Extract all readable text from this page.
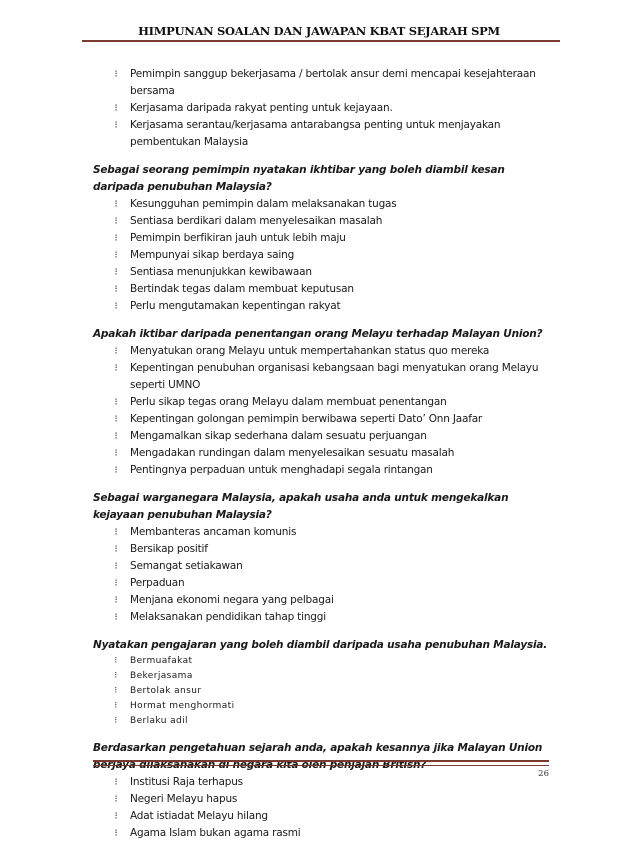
HIMPUNAN SOALAN DAN JAWAPAN KBAT SEJARAH SPM
⁝	Pemimpin sanggup bekerjasama / bertolak ansur demi mencapai kesejahteraan bersama
⁝	Kerjasama daripada rakyat penting untuk kejayaan.
⁝	Kerjasama serantau/kerjasama antarabangsa penting untuk menjayakan pembentukan Malaysia

Sebagai seorang pemimpin nyatakan ikhtibar yang boleh diambil kesan daripada penubuhan Malaysia?

⁝	Kesungguhan pemimpin dalam melaksanakan tugas
⁝	Sentiasa berdikari dalam menyelesaikan masalah
⁝	Pemimpin berfikiran jauh untuk lebih maju
⁝	Mempunyai sikap berdaya saing
⁝	Sentiasa menunjukkan kewibawaan
⁝	Bertindak tegas dalam membuat keputusan
⁝	Perlu mengutamakan kepentingan rakyat

Apakah iktibar daripada penentangan orang Melayu terhadap Malayan Union?

⁝	Menyatukan orang Melayu untuk mempertahankan status quo mereka
⁝	Kepentingan penubuhan organisasi kebangsaan bagi menyatukan orang Melayu seperti UMNO
⁝	Perlu sikap tegas orang Melayu dalam membuat penentangan
⁝	Kepentingan golongan pemimpin berwibawa seperti Dato’ Onn Jaafar
⁝	Mengamalkan sikap sederhana dalam sesuatu perjuangan
⁝	Mengadakan rundingan dalam menyelesaikan sesuatu masalah
⁝	Pentingnya perpaduan untuk menghadapi segala rintangan

Sebagai warganegara Malaysia, apakah usaha anda untuk mengekalkan kejayaan penubuhan Malaysia?

⁝	Membanteras ancaman komunis
⁝	Bersikap positif
⁝	Semangat setiakawan
⁝	Perpaduan
⁝	Menjana ekonomi negara yang pelbagai
⁝	Melaksanakan pendidikan tahap tinggi

Nyatakan pengajaran yang boleh diambil daripada usaha penubuhan Malaysia.

⁝	Bermuafakat
⁝	Bekerjasama
⁝	Bertolak ansur
⁝	Hormat menghormati
⁝	Berlaku adil

Berdasarkan pengetahuan sejarah anda, apakah kesannya jika Malayan Union berjaya dilaksanakan di negara kita oleh penjajah British?

⁝	Institusi Raja terhapus
⁝	Negeri Melayu hapus
⁝	Adat istiadat Melayu hilang
⁝	Agama Islam bukan agama rasmi
26
